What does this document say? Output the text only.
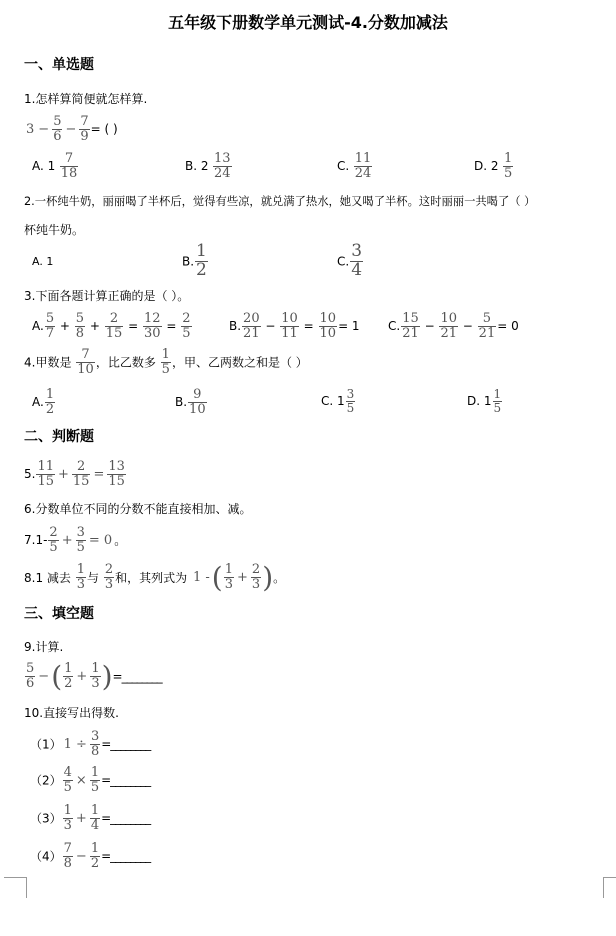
五年级下册数学单元测试-4.分数加减法
一、单选题
1.怎样算简便就怎样算.
$3 - \frac{5}{6} - \frac{7}{9}$ = ( )
A. $1 \frac{7}{18}$	B. $2 \frac{13}{24}$	C. $\frac{11}{24}$	D. $2 \frac{1}{5}$
2.一杯纯牛奶，丽丽喝了半杯后，觉得有些凉，就兑满了热水，她又喝了半杯。这时丽丽一共喝了（ ）
杯纯牛奶。
A. 1	B. $\frac{1}{2}$	C. $\frac{3}{4}$
3.下面各题计算正确的是（ ）。
A. $\frac{5}{7} + \frac{5}{8} + \frac{2}{15} = \frac{12}{30} = \frac{2}{5}$	B. $\frac{20}{21} - \frac{10}{11} = \frac{10}{10} = 1$ C. $\frac{15}{21} - \frac{10}{21} - \frac{5}{21} = 0$
4.甲数是 $\frac{7}{10}$ ，比乙数多 $\frac{1}{5}$ ，甲、乙两数之和是（ ）
A. $\frac{1}{2}$	B. $\frac{9}{10}$	C. $1 \frac{3}{5}$	D. $1 \frac{1}{5}$
二、判断题
5. $\frac{11}{15} + \frac{2}{15} = \frac{13}{15}$
6.分数单位不同的分数不能直接相加、减。
$7.1- \frac{2}{5} + \frac{3}{5} = 0$ 。
8.1 减去 $\frac{1}{3}$ 与 $\frac{2}{3}$ 和，其列式为 1 -( $\frac{1}{3} + \frac{2}{3}$ )。
三、填空题
9.计算.
$\frac{5}{6}$ −( $\frac{1}{2} + \frac{1}{3}$ )=________
10.直接写出得数.
（1） $1 \div \frac{3}{8}$ =________
$(2) \frac{4}{5} \times \frac{1}{5}$ =________
$(3) \frac{1}{3} + \frac{1}{4}$ =________
$(4) \frac{7}{8} - \frac{1}{2}$ =________
